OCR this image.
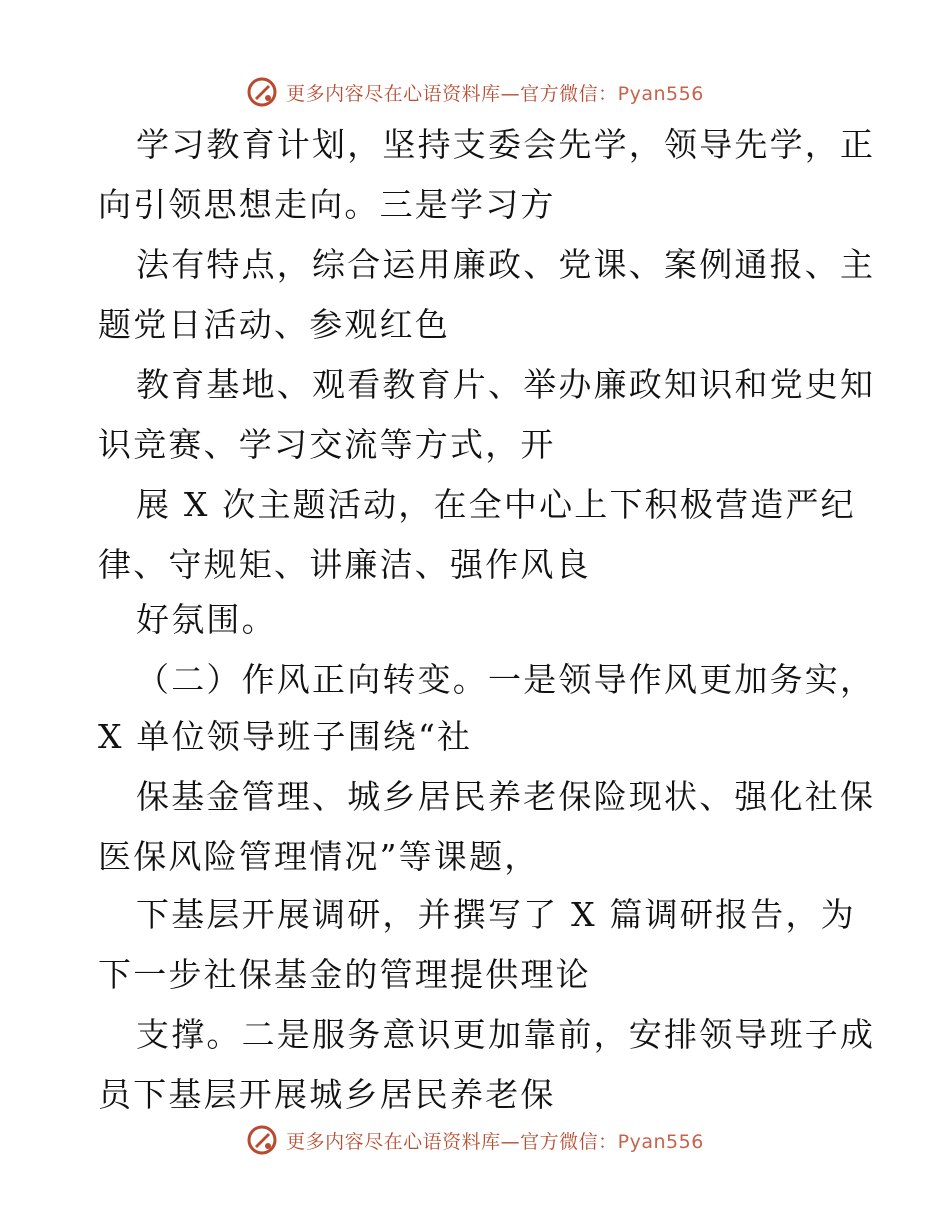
更多内容尽在心语资料库—官方微信：Pyan556
学习教育计划，坚持支委会先学，领导先学，正
向引领思想走向。三是学习方
法有特点，综合运用廉政、党课、案例通报、主
题党日活动、参观红色
教育基地、观看教育片、举办廉政知识和党史知
识竞赛、学习交流等方式，开
展 X 次主题活动，在全中心上下积极营造严纪
律、守规矩、讲廉洁、强作风良
好氛围。
（二）作风正向转变。一是领导作风更加务实，
X 单位领导班子围绕“社
保基金管理、城乡居民养老保险现状、强化社保
医保风险管理情况”等课题，
下基层开展调研，并撰写了 X 篇调研报告，为
下一步社保基金的管理提供理论
支撑。二是服务意识更加靠前，安排领导班子成
员下基层开展城乡居民养老保
更多内容尽在心语资料库—官方微信：Pyan556
